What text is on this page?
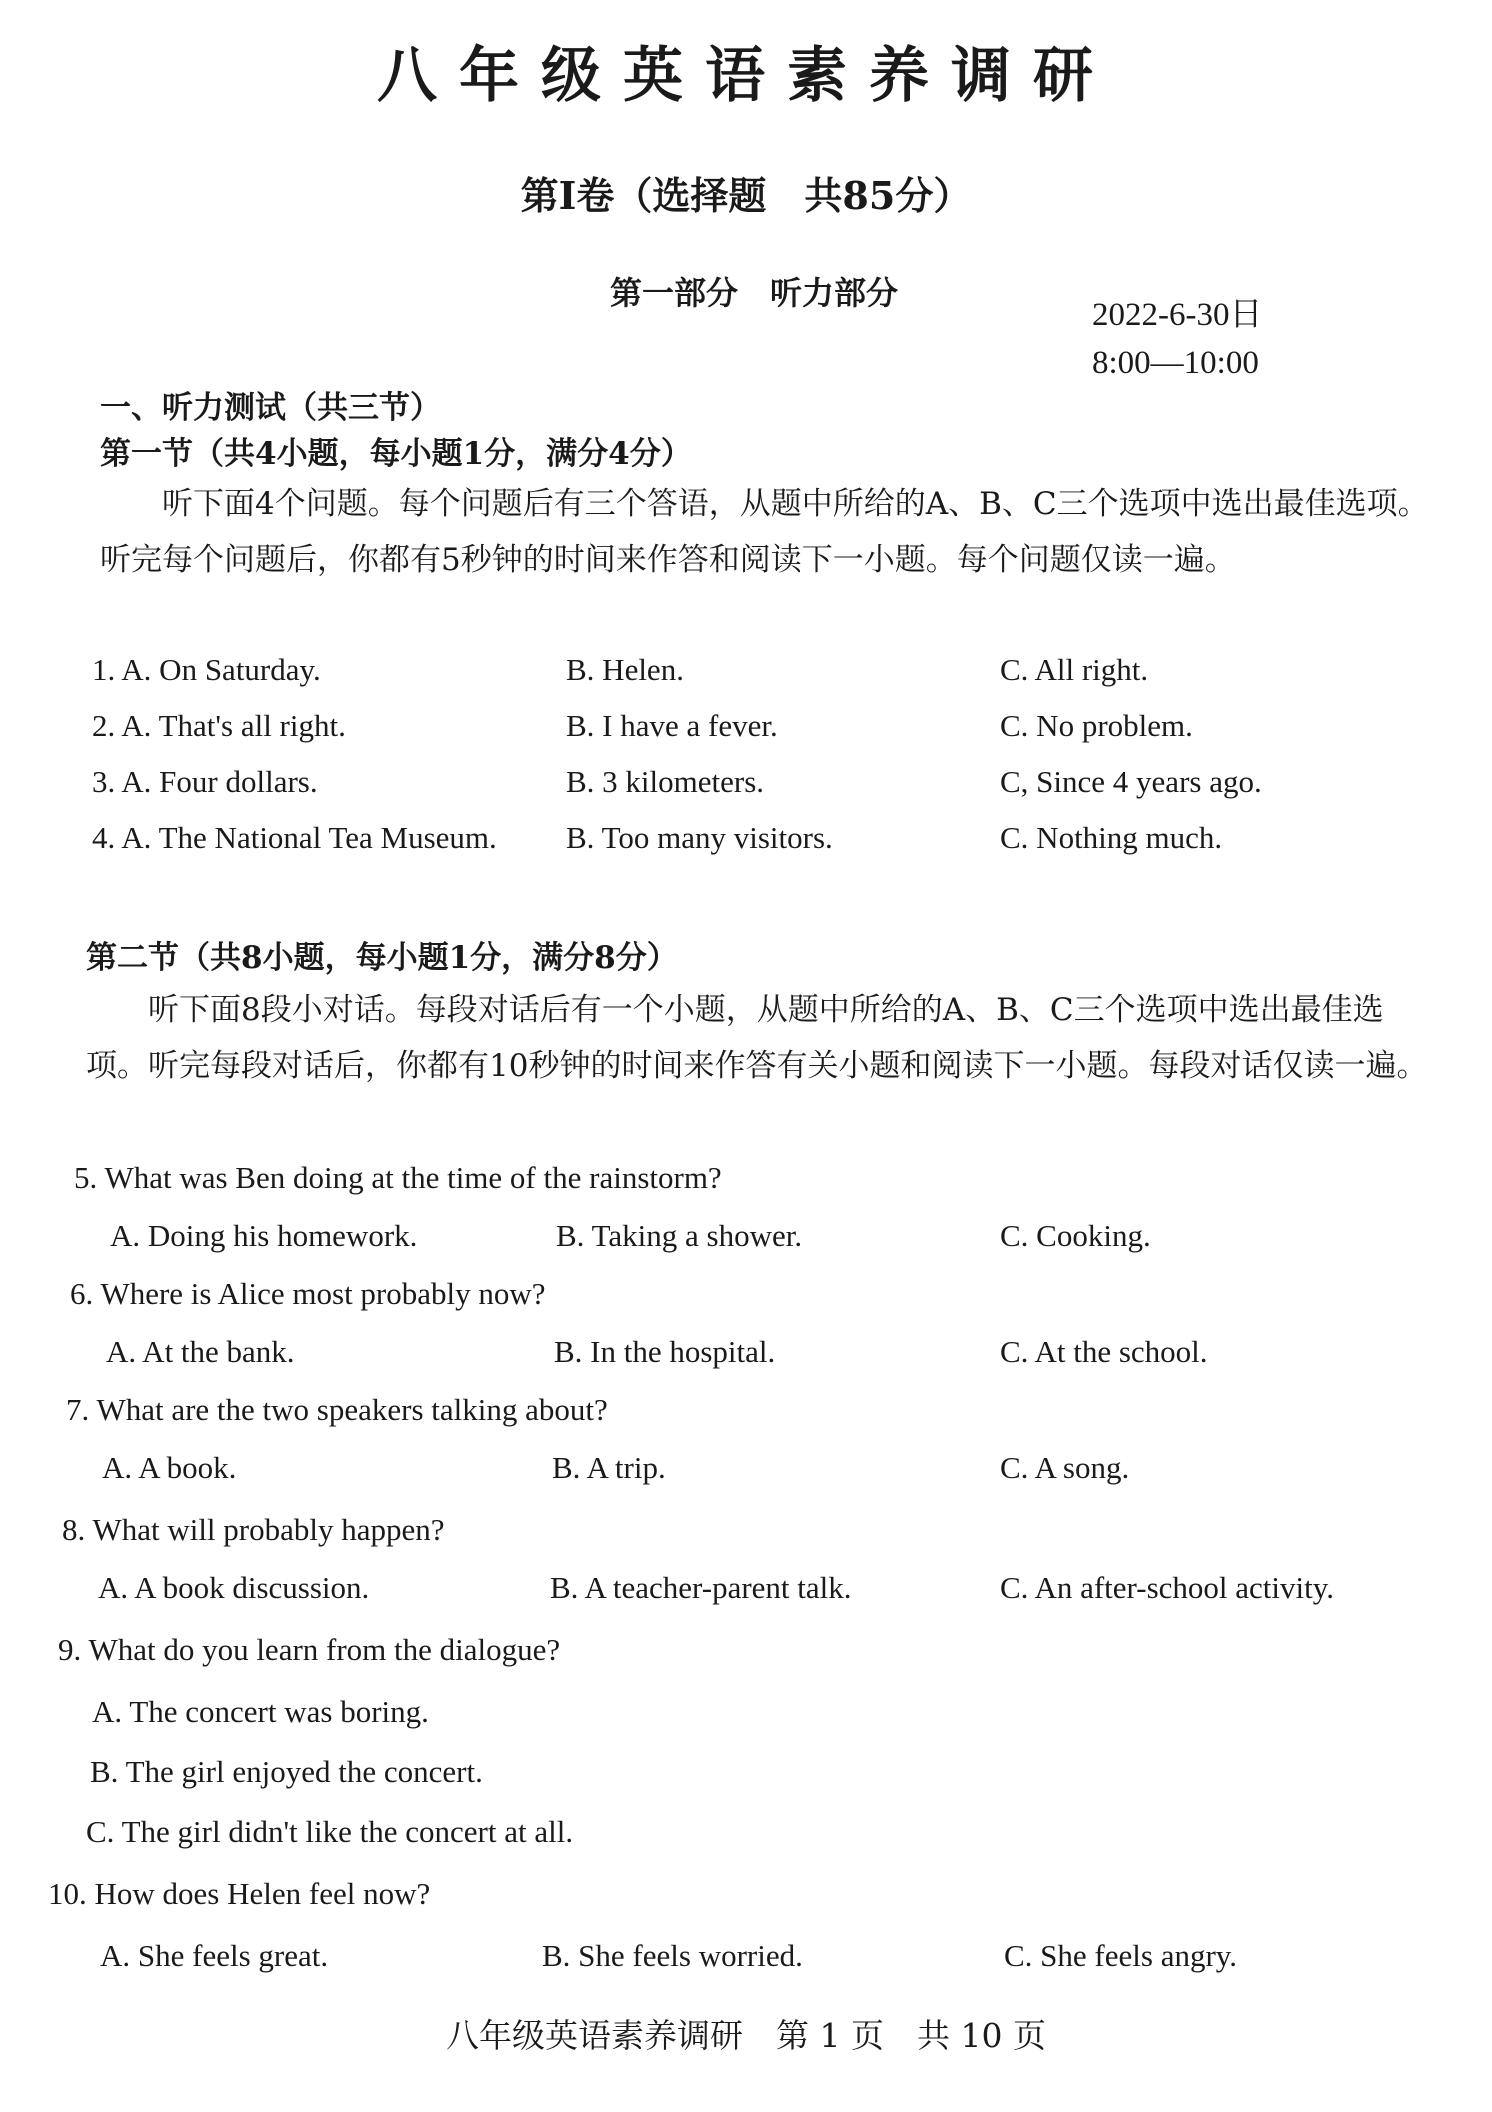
八年级英语素养调研
第Ⅰ卷（选择题　共85分）
第一部分　听力部分
2022-6-30日
8:00—10:00
一、听力测试（共三节）
第一节（共4小题，每小题1分，满分4分）
听下面4个问题。每个问题后有三个答语，从题中所给的A、B、C三个选项中选出最佳选项。听完每个问题后，你都有5秒钟的时间来作答和阅读下一小题。每个问题仅读一遍。
1. A. On Saturday.	B. Helen.	C. All right.
2. A. That's all right.	B. I have a fever.	C. No problem.
3. A. Four dollars.	B. 3 kilometers.	C, Since 4 years ago.
4. A. The National Tea Museum. B. Too many visitors.	C. Nothing much.
第二节（共8小题，每小题1分，满分8分）
听下面8段小对话。每段对话后有一个小题，从题中所给的A、B、C三个选项中选出最佳选项。听完每段对话后，你都有10秒钟的时间来作答有关小题和阅读下一小题。每段对话仅读一遍。
5. What was Ben doing at the time of the rainstorm?
A. Doing his homework.	B. Taking a shower.	C. Cooking.
6. Where is Alice most probably now?
A. At the bank.	B. In the hospital.	C. At the school.
7. What are the two speakers talking about?
A. A book.	B. A trip.	C. A song.
8. What will probably happen?
A. A book discussion.	B. A teacher-parent talk.	C. An after-school activity.
9. What do you learn from the dialogue?
A. The concert was boring.
B. The girl enjoyed the concert.
C. The girl didn't like the concert at all.
10. How does Helen feel now?
A. She feels great.	B. She feels worried.	C. She feels angry.
八年级英语素养调研　第 1 页　共 10 页
